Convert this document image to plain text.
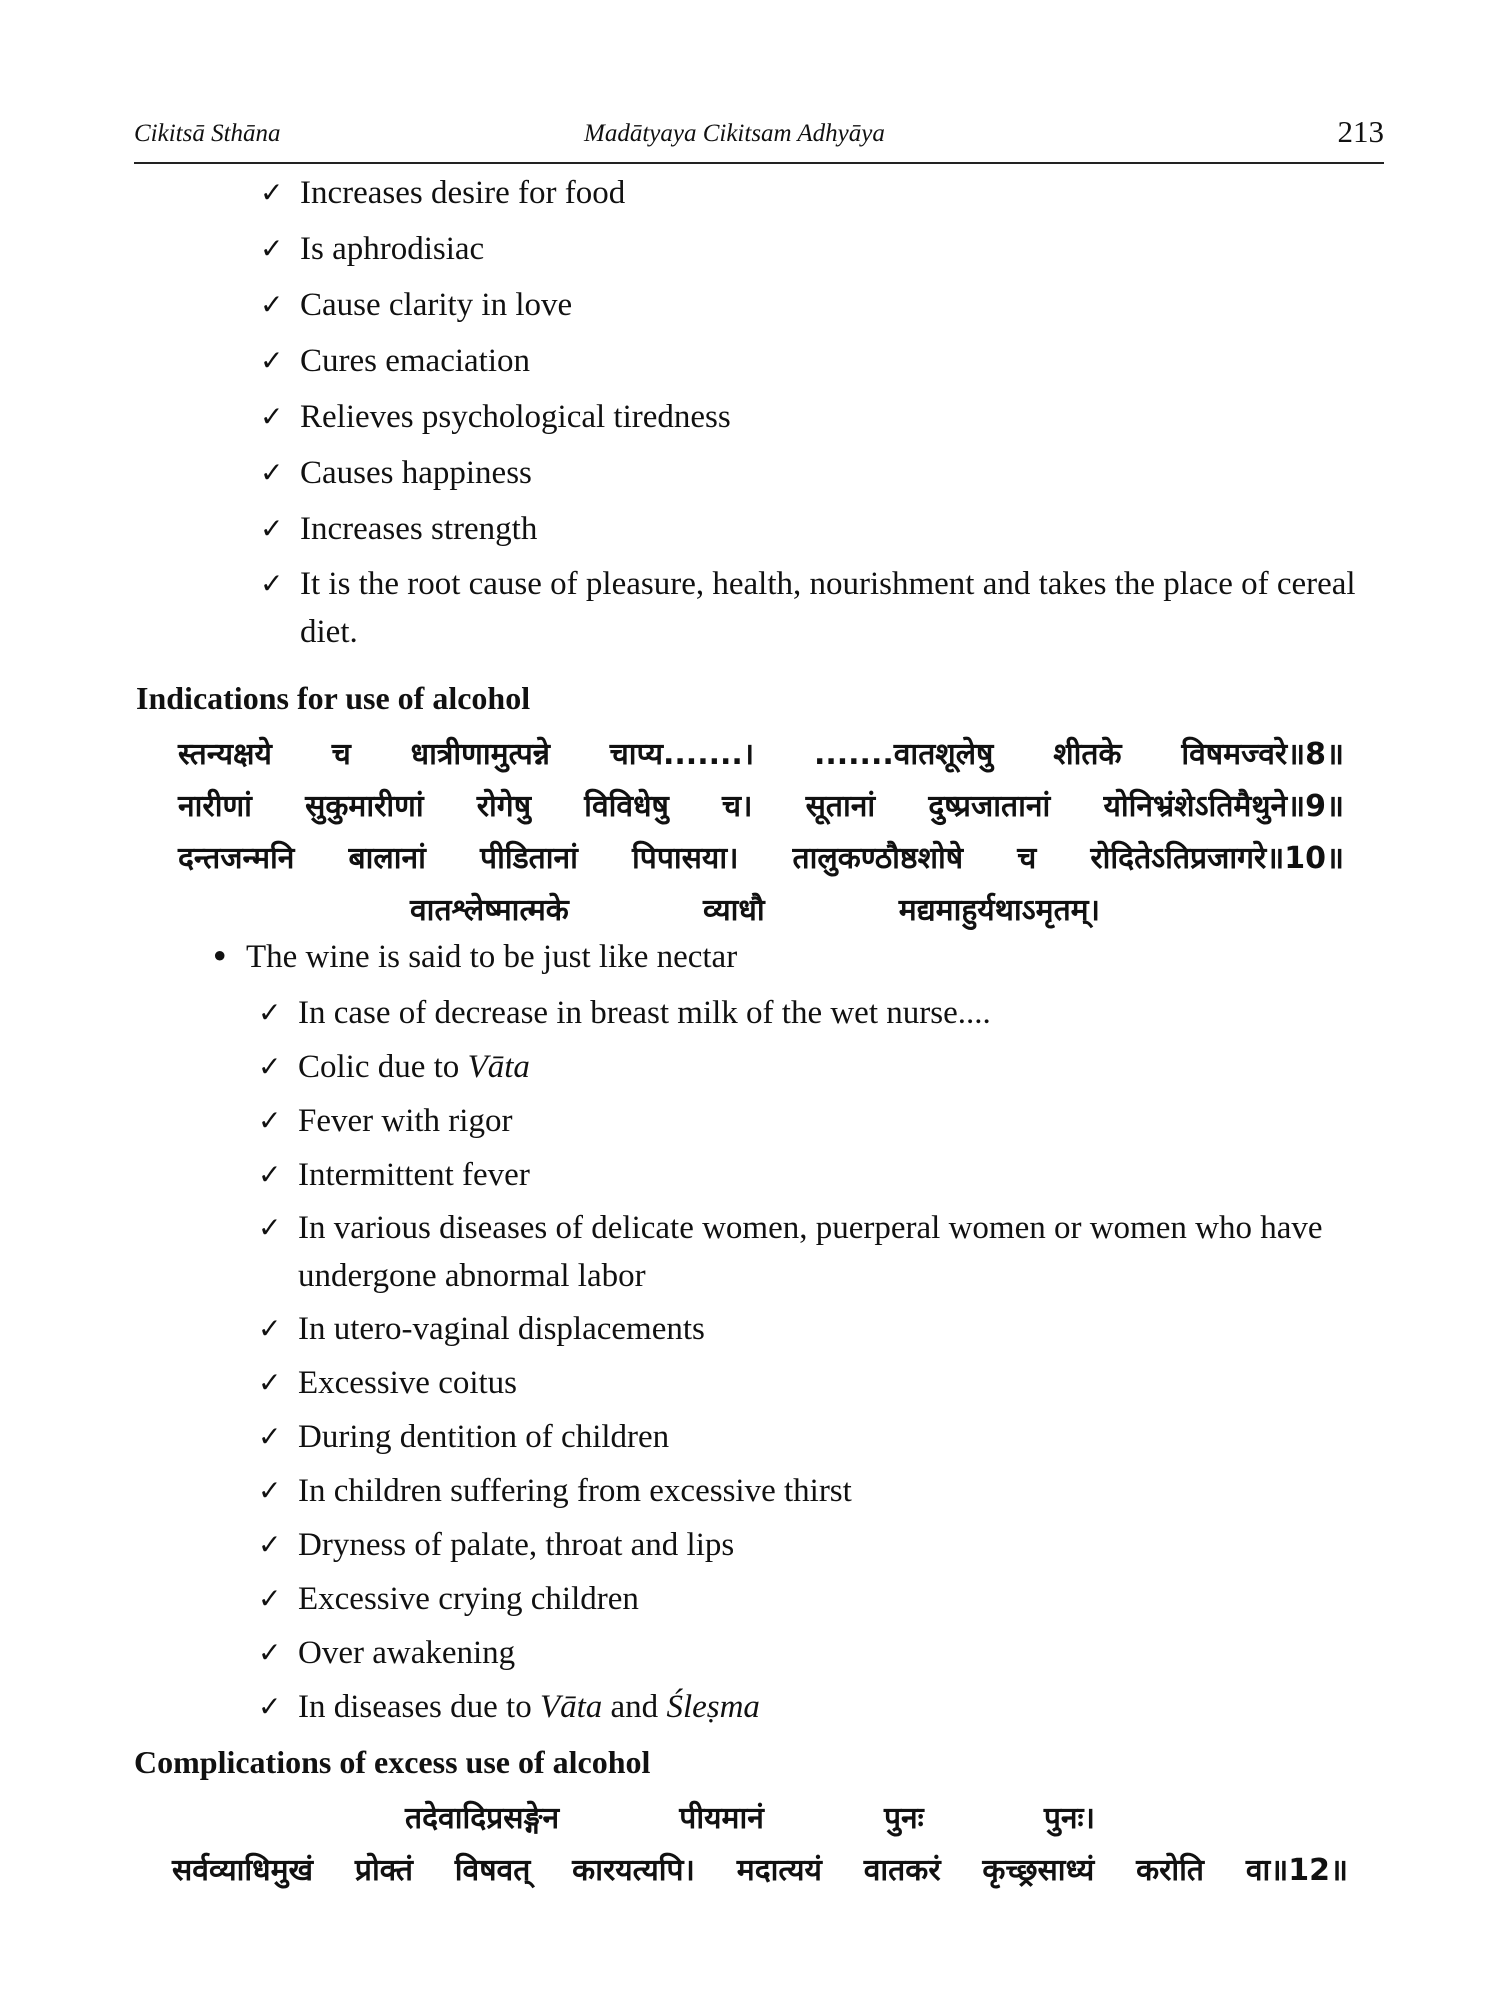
Cikitsā Sthāna	Madātyaya Cikitsam Adhyāya	213
✓ Increases desire for food
✓ Is aphrodisiac
✓ Cause clarity in love
✓ Cures emaciation
✓ Relieves psychological tiredness
✓ Causes happiness
✓ Increases strength
✓ It is the root cause of pleasure, health, nourishment and takes the place of cereal diet.
Indications for use of alcohol
स्तन्यक्षये च धात्रीणामुत्पन्ने चाप्य.......। .......वातशूलेषु शीतके विषमज्वरे॥8॥
नारीणां सुकुमारीणां रोगेषु विविधेषु च। सूतानां दुष्प्रजातानां योनिभ्रंशेऽतिमैथुने॥9॥
दन्तजन्मनि बालानां पीडितानां पिपासया। तालुकण्ठौष्ठशोषे च रोदितेऽतिप्रजागरे॥10॥
वातश्लेष्मात्मके व्याधौ मद्यमाहुर्यथाऽमृतम्।
• The wine is said to be just like nectar
✓ In case of decrease in breast milk of the wet nurse....
✓ Colic due to Vāta
✓ Fever with rigor
✓ Intermittent fever
✓ In various diseases of delicate women, puerperal women or women who have undergone abnormal labor
✓ In utero-vaginal displacements
✓ Excessive coitus
✓ During dentition of children
✓ In children suffering from excessive thirst
✓ Dryness of palate, throat and lips
✓ Excessive crying children
✓ Over awakening
✓ In diseases due to Vāta and Śleṣma
Complications of excess use of alcohol
तदेवादिप्रसङ्गेन पीयमानं पुनः पुनः।
सर्वव्याधिमुखं प्रोक्तं विषवत् कारयत्यपि। मदात्ययं वातकरं कृच्छ्रसाध्यं करोति वा॥12॥
